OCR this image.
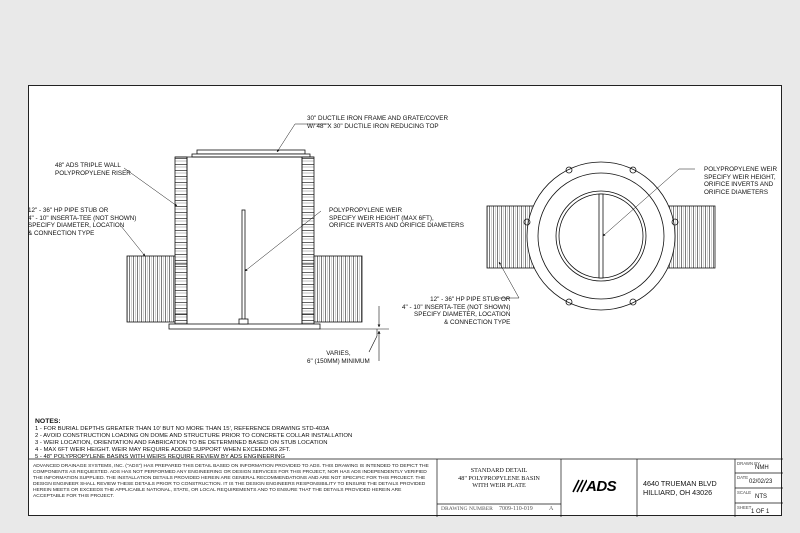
30" DUCTILE IRON FRAME AND GRATE/COVER
W/ 48" X 30" DUCTILE IRON REDUCING TOP
48" ADS TRIPLE WALL
POLYPROPYLENE RISER
12" - 36" HP PIPE STUB OR
4" - 10" INSERTA-TEE (NOT SHOWN)
SPECIFY DIAMETER, LOCATION
& CONNECTION TYPE
POLYPROPYLENE WEIR
SPECIFY WEIR HEIGHT (MAX 6FT),
ORIFICE INVERTS AND ORIFICE DIAMETERS
POLYPROPYLENE WEIR
SPECIFY WEIR HEIGHT,
ORIFICE INVERTS AND
ORIFICE DIAMETERS
12" - 36" HP PIPE STUB OR
4" - 10" INSERTA-TEE (NOT SHOWN)
SPECIFY DIAMETER, LOCATION
& CONNECTION TYPE
VARIES,
6" (150MM) MINIMUM
NOTES:
1 - FOR BURIAL DEPTHS GREATER THAN 10' BUT NO MORE THAN 15', REFERENCE DRAWING STD-403A
2 - AVOID CONSTRUCTION LOADING ON DOME AND STRUCTURE PRIOR TO CONCRETE COLLAR INSTALLATION
3 - WEIR LOCATION, ORIENTATION AND FABRICATION TO BE DETERMINED BASED ON STUB LOCATION
4 - MAX 6FT WEIR HEIGHT. WEIR MAY REQUIRE ADDED SUPPORT WHEN EXCEEDING 2FT.
5 - 48" POLYPROPYLENE BASINS WITH WEIRS REQUIRE REVIEW BY ADS ENGINEERING
ADVANCED DRAINAGE SYSTEMS, INC. ("ADS") HAS PREPARED THIS DETAIL BASED ON INFORMATION PROVIDED TO ADS. THIS DRAWING IS INTENDED TO DEPICT THE COMPONENTS AS REQUESTED. ADS HAS NOT PERFORMED ANY ENGINEERING OR DESIGN SERVICES FOR THIS PROJECT, NOR HAS ADS INDEPENDENTLY VERIFIED THE INFORMATION SUPPLIED. THE INSTALLATION DETAILS PROVIDED HEREIN ARE GENERAL RECOMMENDATIONS AND ARE NOT SPECIFIC FOR THIS PROJECT. THE DESIGN ENGINEER SHALL REVIEW THESE DETAILS PRIOR TO CONSTRUCTION. IT IS THE DESIGN ENGINEERS RESPONSIBILITY TO ENSURE THE DETAILS PROVIDED HEREIN MEETS OR EXCEEDS THE APPLICABLE NATIONAL, STATE, OR LOCAL REQUIREMENTS AND TO ENSURE THAT THE DETAILS PROVIDED HEREIN ARE ACCEPTABLE FOR THIS PROJECT.
STANDARD DETAIL
48" POLYPROPYLENE BASIN
WITH WEIR PLATE
DRAWING NUMBER 7009-110-019	A
ADS	4640 TRUEMAN BLVD
HILLIARD, OH 43026
DRAWN BY
NMH
DATE
02/02/23
SCALE
NTS
SHEET
1 OF 1
